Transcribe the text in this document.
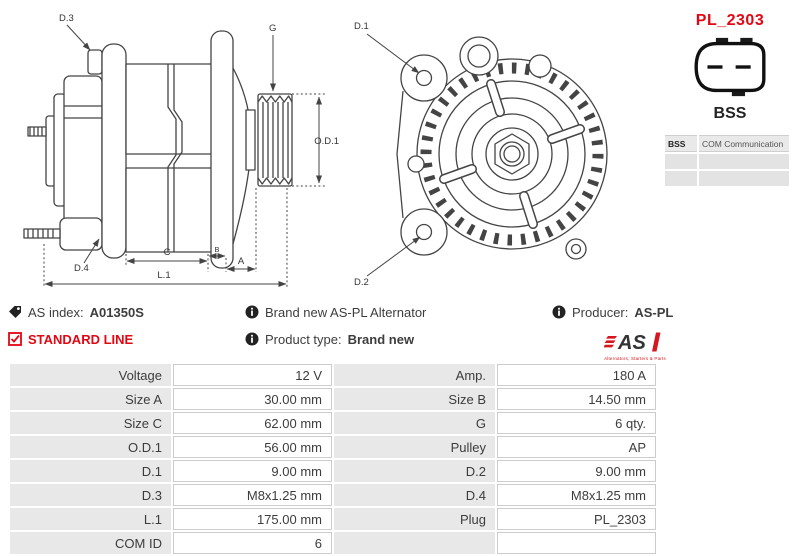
D.3
G
O.D.1
D.4
C	B
A
L.1
D.1
D.2
PL_2303
BSS
BSS	COM Communication

AS index: A01350S
STANDARD LINE
Brand new AS-PL Alternator
Product type: Brand new
Producer: AS-PL
AS
Alternators, Starters & Parts
Voltage	12 V	Amp.	180 A
Size A	30.00 mm	Size B	14.50 mm
Size C	62.00 mm	G	6 qty.
O.D.1	56.00 mm	Pulley	AP
D.1	9.00 mm	D.2	9.00 mm
D.3	M8x1.25 mm	D.4	M8x1.25 mm
L.1	175.00 mm	Plug	PL_2303
COM ID	6		
